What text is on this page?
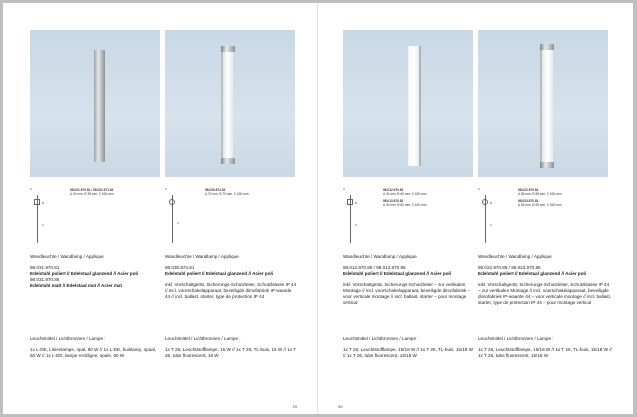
A
B
C
A
C
98.031.970.81 / 98.031.971.81
A 40 mm, B 35 mm, C 600 mm
98.030.874.81
A 70 mm, B 70 mm, C 600 mm
Wandleuchte / Wandlamp / Applique
98.031.970.81
Edelstahl poliert // Edelstaal glanzend // Acier poli
98.031.970.85
Edelstahl matt // Edelstaal mat // Acier mat
Leuchtmittel / Lichtbronnen / Lampe :
1x L-DE, Linienlampe, opal, 60 W // 1x L-DE, buislamp, opaal, 60 W // 1x L-DE, lampe rectiligne, opale, 60 W
Wandleuchte / Wandlamp / Applique
98.030.874.81
Edelstahl poliert // Edelstaal glanzend // Acier poli
inkl. Vorschaltgerät, Sicherungs-Schutzleiter, Schutzklasse IP 44 // incl. voorschakelapparaat, beveiligde dimofabriek IP-waarde 44 // incl. ballast, starter, type de protection IP 44
Leuchtmittel / Lichtbronnen / Lampe :
1x T 26, Leuchtstofflampe, 15 W // 1x T 26, TL-buis, 15 W // 1x T 26, tube fluorescent, 15 W
29
A
B
C
A
B
C
98.012.970.81
A 40 mm, B 60 mm, C 600 mm
98.013.970.81
A 40 mm, B 60 mm, C 600 mm
98.022.970.81
A 65 mm, B 55 mm, C 600 mm
98.023.970.81
A 65 mm, B 55 mm, C 600 mm
Wandleuchte / Wandlamp / Applique
98.012.970.85 / 98.013.970.85
Edelstahl poliert // Edelstaal glanzend // Acier poli
inkl. Vorschaltgerät, Sicherungs-Schutzleiter – zur vertikalen Montage // incl. voorschakelapparaat, beveiligde dimofabriek – voor verticale montage // incl. ballast, starter – pour montage vertical
Leuchtmittel / Lichtbronnen / Lampe :
1x T 26, Leuchtstofflampe, 15/18 W // 1x T 26, TL-buis, 15/18 W // 1x T 26, tube fluorescent, 15/18 W
Wandleuchte / Wandlamp / Applique
98.022.970.85 / 98.023.970.85
Edelstahl poliert // Edelstaal glanzend // Acier poli
inkl. Vorschaltgerät, Sicherungs-Schutzleiter, Schutzklasse IP 44 – zur vertikalen Montage // incl. voorschakelapparaat, beveiligde dimofabriek IP-waarde 44 – voor verticale montage // incl. ballast, starter, type de protection IP 44 – pour montage vertical
Leuchtmittel / Lichtbronnen / Lampe :
1x T 26, Leuchtstofflampe, 15/18 W // 1x T 26, TL-buis, 15/18 W // 1x T 26, tube fluorescent, 15/18 W
30
